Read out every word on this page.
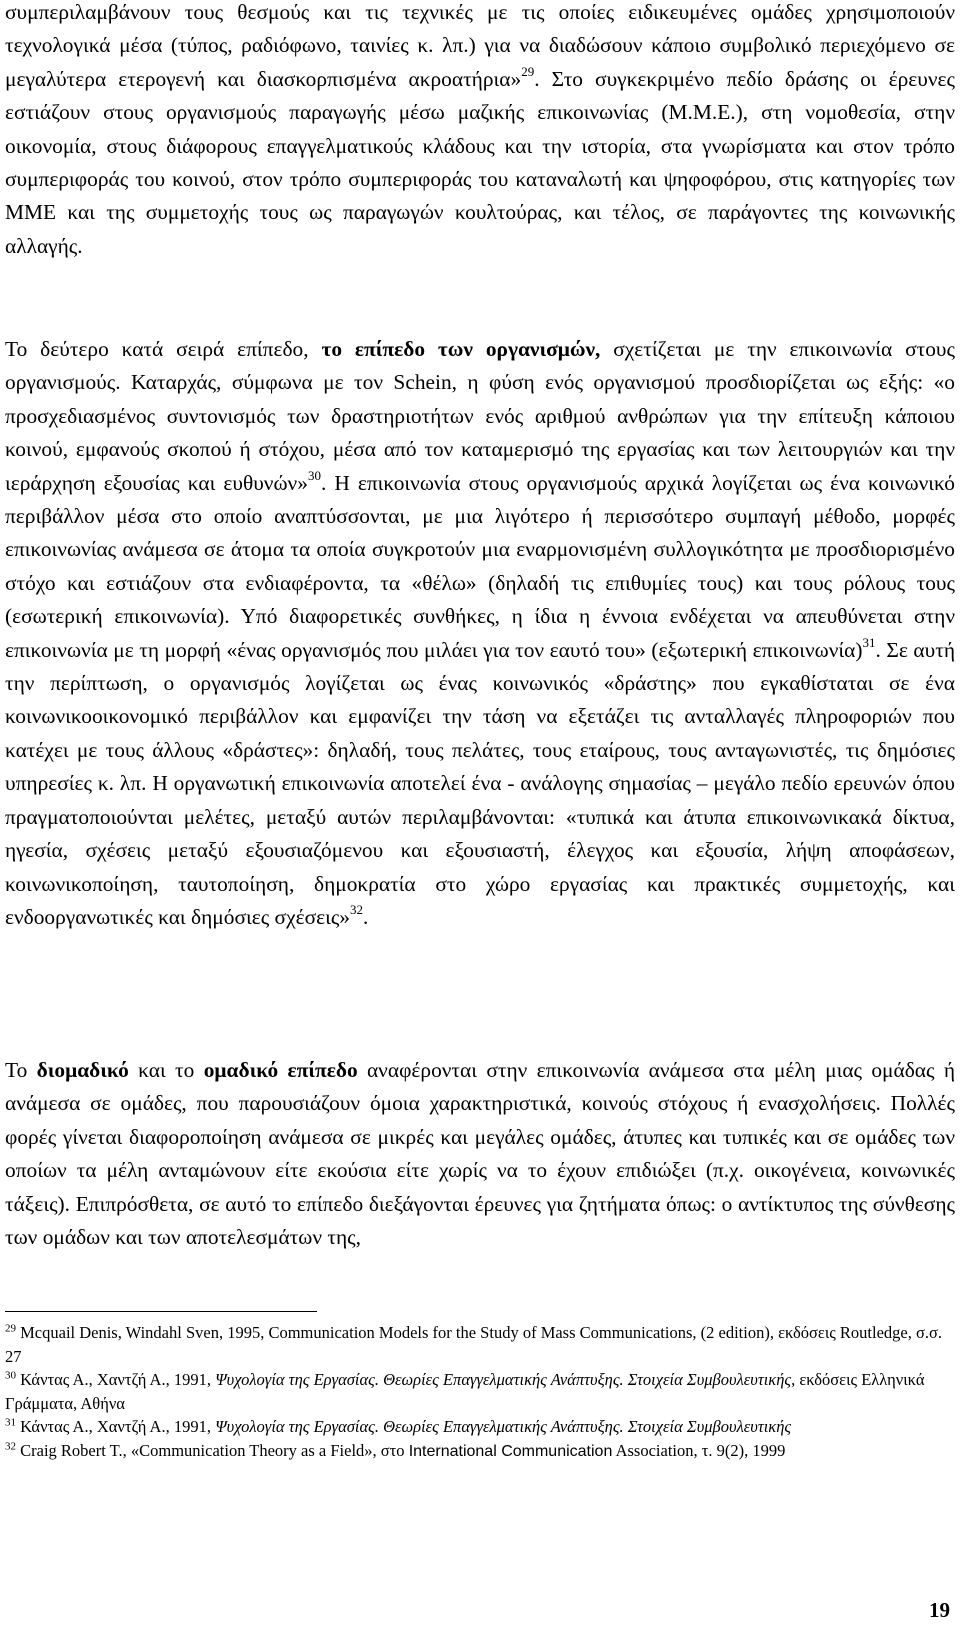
συμπεριλαμβάνουν τους θεσμούς και τις τεχνικές με τις οποίες ειδικευμένες ομάδες χρησιμοποιούν τεχνολογικά μέσα (τύπος, ραδιόφωνο, ταινίες κ. λπ.) για να διαδώσουν κάποιο συμβολικό περιεχόμενο σε μεγαλύτερα ετερογενή και διασκορπισμένα ακροατήρια»$^{29}$. Στο συγκεκριμένο πεδίο δράσης οι έρευνες εστιάζουν στους οργανισμούς παραγωγής μέσω μαζικής επικοινωνίας (Μ.Μ.Ε.), στη νομοθεσία, στην οικονομία, στους διάφορους επαγγελματικούς κλάδους και την ιστορία, στα γνωρίσματα και στον τρόπο συμπεριφοράς του κοινού, στον τρόπο συμπεριφοράς του καταναλωτή και ψηφοφόρου, στις κατηγορίες των ΜΜΕ και της συμμετοχής τους ως παραγωγών κουλτούρας, και τέλος, σε παράγοντες της κοινωνικής αλλαγής.

Το δεύτερο κατά σειρά επίπεδο, το επίπεδο των οργανισμών, σχετίζεται με την επικοινωνία στους οργανισμούς. Καταρχάς, σύμφωνα με τον Schein, η φύση ενός οργανισμού προσδιορίζεται ως εξής: «ο προσχεδιασμένος συντονισμός των δραστηριοτήτων ενός αριθμού ανθρώπων για την επίτευξη κάποιου κοινού, εμφανούς σκοπού ή στόχου, μέσα από τον καταμερισμό της εργασίας και των λειτουργιών και την ιεράρχηση εξουσίας και ευθυνών»$^{30}$. Η επικοινωνία στους οργανισμούς αρχικά λογίζεται ως ένα κοινωνικό περιβάλλον μέσα στο οποίο αναπτύσσονται, με μια λιγότερο ή περισσότερο συμπαγή μέθοδο, μορφές επικοινωνίας ανάμεσα σε άτομα τα οποία συγκροτούν μια εναρμονισμένη συλλογικότητα με προσδιορισμένο στόχο και εστιάζουν στα ενδιαφέροντα, τα «θέλω» (δηλαδή τις επιθυμίες τους) και τους ρόλους τους (εσωτερική επικοινωνία). Υπό διαφορετικές συνθήκες, η ίδια η έννοια ενδέχεται να απευθύνεται στην επικοινωνία με τη μορφή «ένας οργανισμός που μιλάει για τον εαυτό του» (εξωτερική επικοινωνία)$^{31}$. Σε αυτή την περίπτωση, ο οργανισμός λογίζεται ως ένας κοινωνικός «δράστης» που εγκαθίσταται σε ένα κοινωνικοοικονομικό περιβάλλον και εμφανίζει την τάση να εξετάζει τις ανταλλαγές πληροφοριών που κατέχει με τους άλλους «δράστες»: δηλαδή, τους πελάτες, τους εταίρους, τους ανταγωνιστές, τις δημόσιες υπηρεσίες κ. λπ. Η οργανωτική επικοινωνία αποτελεί ένα - ανάλογης σημασίας – μεγάλο πεδίο ερευνών όπου πραγματοποιούνται μελέτες, μεταξύ αυτών περιλαμβάνονται: «τυπικά και άτυπα επικοινωνικακά δίκτυα, ηγεσία, σχέσεις μεταξύ εξουσιαζόμενου και εξουσιαστή, έλεγχος και εξουσία, λήψη αποφάσεων, κοινωνικοποίηση, ταυτοποίηση, δημοκρατία στο χώρο εργασίας και πρακτικές συμμετοχής, και ενδοοργανωτικές και δημόσιες σχέσεις»$^{32}$.

Το διομαδικό και το ομαδικό επίπεδο αναφέρονται στην επικοινωνία ανάμεσα στα μέλη μιας ομάδας ή ανάμεσα σε ομάδες, που παρουσιάζουν όμοια χαρακτηριστικά, κοινούς στόχους ή ενασχολήσεις. Πολλές φορές γίνεται διαφοροποίηση ανάμεσα σε μικρές και μεγάλες ομάδες, άτυπες και τυπικές και σε ομάδες των οποίων τα μέλη ανταμώνουν είτε εκούσια είτε χωρίς να το έχουν επιδιώξει (π.χ. οικογένεια, κοινωνικές τάξεις). Επιπρόσθετα, σε αυτό το επίπεδο διεξάγονται έρευνες για ζητήματα όπως: ο αντίκτυπος της σύνθεσης των ομάδων και των αποτελεσμάτων της,

$^{29}$ Mcquail Denis, Windahl Sven, 1995, Communication Models for the Study of Mass Communications, (2 edition), εκδόσεις Routledge, σ.σ. 27

$^{30}$ Κάντας Α., Χαντζή Α., 1991, Ψυχολογία της Εργασίας. Θεωρίες Επαγγελματικής Ανάπτυξης. Στοιχεία Συμβουλευτικής, εκδόσεις Ελληνικά Γράμματα, Αθήνα

$^{31}$ Κάντας Α., Χαντζή Α., 1991, Ψυχολογία της Εργασίας. Θεωρίες Επαγγελματικής Ανάπτυξης. Στοιχεία Συμβουλευτικής

$^{32}$ Craig Robert T., «Communication Theory as a Field», στο International Communication Association, τ. 9(2), 1999

19
